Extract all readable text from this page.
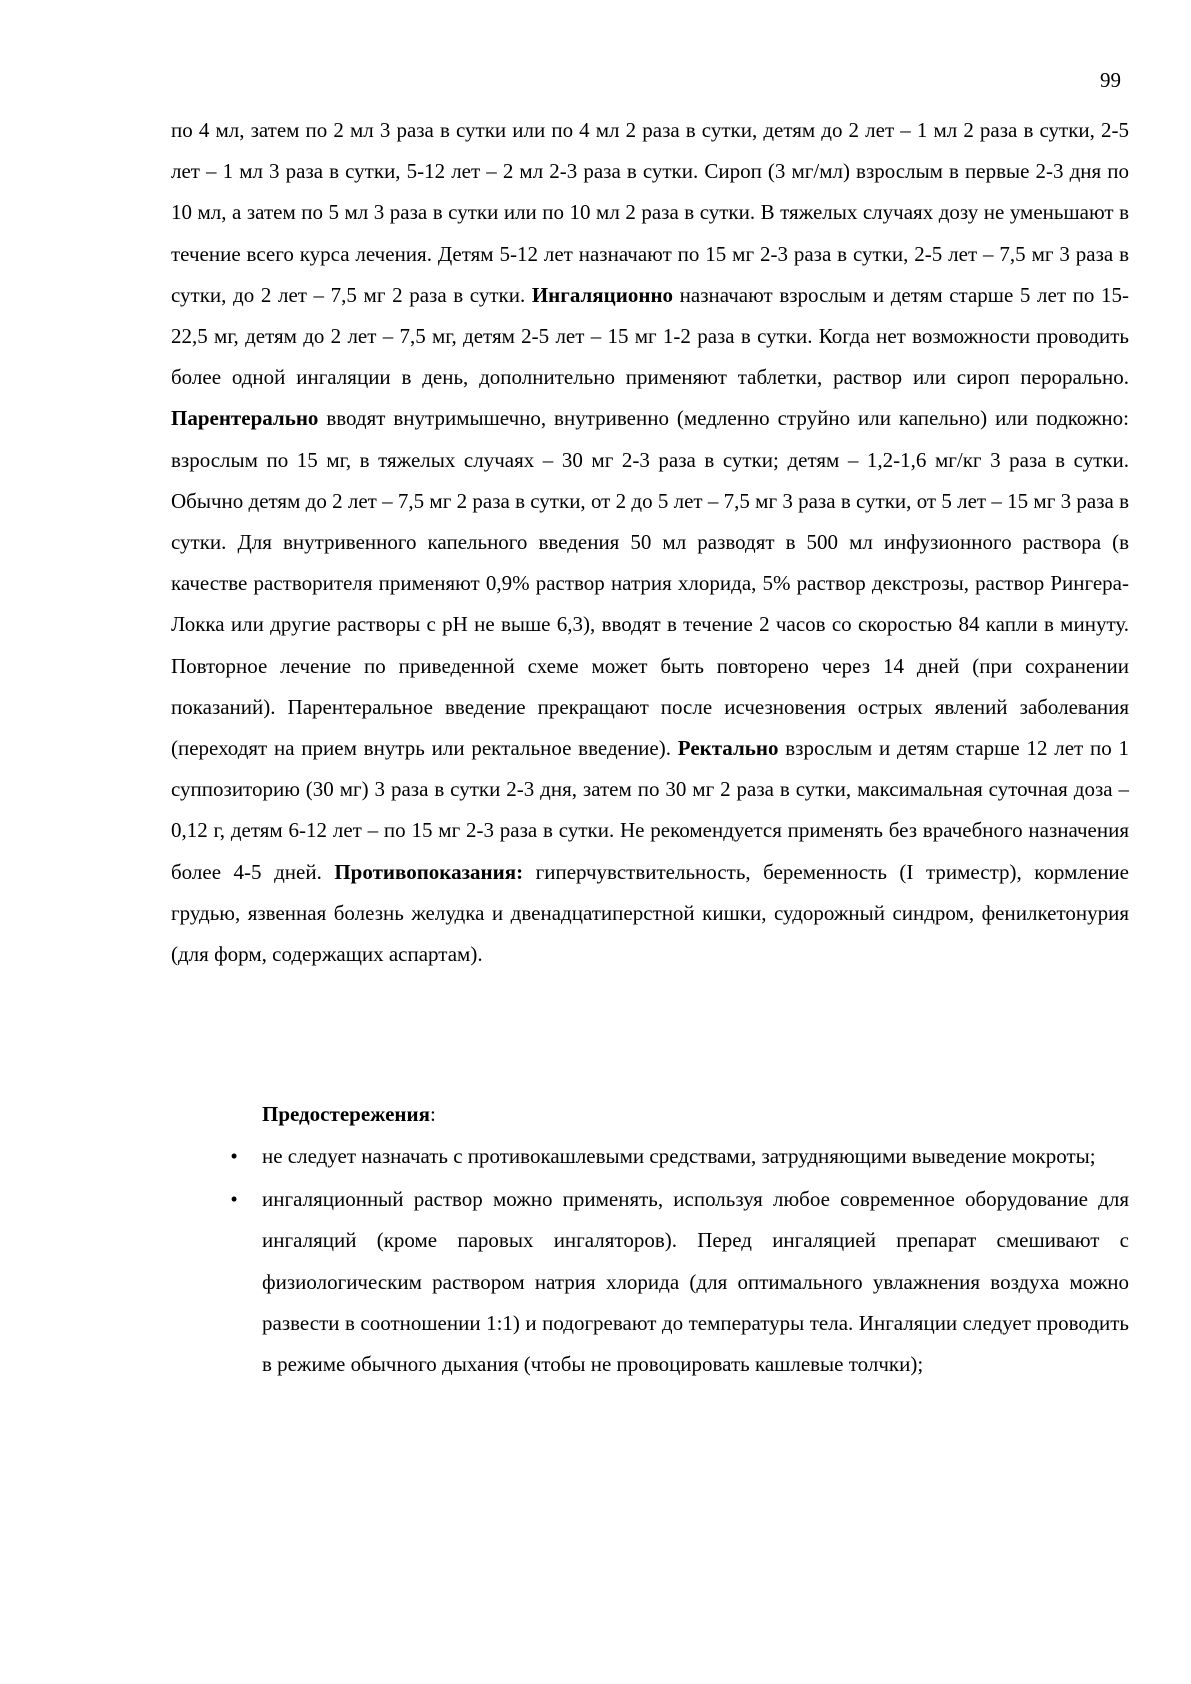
99

по 4 мл, затем по 2 мл 3 раза в сутки или по 4 мл 2 раза в сутки, детям до 2 лет – 1 мл 2 раза в сутки, 2-5 лет – 1 мл 3 раза в сутки, 5-12 лет – 2 мл 2-3 раза в сутки. Сироп (3 мг/мл) взрослым в первые 2-3 дня по 10 мл, а затем по 5 мл 3 раза в сутки или по 10 мл 2 раза в сутки. В тяжелых случаях дозу не уменьшают в течение всего курса лечения. Детям 5-12 лет назначают по 15 мг 2-3 раза в сутки, 2-5 лет – 7,5 мг 3 раза в сутки, до 2 лет – 7,5 мг 2 раза в сутки. Ингаляционно назначают взрослым и детям старше 5 лет по 15-22,5 мг, детям до 2 лет – 7,5 мг, детям 2-5 лет – 15 мг 1-2 раза в сутки. Когда нет возможности проводить более одной ингаляции в день, дополнительно применяют таблетки, раствор или сироп перорально. Парентерально вводят внутримышечно, внутривенно (медленно струйно или капельно) или подкожно: взрослым по 15 мг, в тяжелых случаях – 30 мг 2-3 раза в сутки; детям – 1,2-1,6 мг/кг 3 раза в сутки. Обычно детям до 2 лет – 7,5 мг 2 раза в сутки, от 2 до 5 лет – 7,5 мг 3 раза в сутки, от 5 лет – 15 мг 3 раза в сутки. Для внутривенного капельного введения 50 мл разводят в 500 мл инфузионного раствора (в качестве растворителя применяют 0,9% раствор натрия хлорида, 5% раствор декстрозы, раствор Рингера-Локка или другие растворы с pH не выше 6,3), вводят в течение 2 часов со скоростью 84 капли в минуту. Повторное лечение по приведенной схеме может быть повторено через 14 дней (при сохранении показаний). Парентеральное введение прекращают после исчезновения острых явлений заболевания (переходят на прием внутрь или ректальное введение). Ректально взрослым и детям старше 12 лет по 1 суппозиторию (30 мг) 3 раза в сутки 2-3 дня, затем по 30 мг 2 раза в сутки, максимальная суточная доза – 0,12 г, детям 6-12 лет – по 15 мг 2-3 раза в сутки. Не рекомендуется применять без врачебного назначения более 4-5 дней. Противопоказания: гиперчувствительность, беременность (I триместр), кормление грудью, язвенная болезнь желудка и двенадцатиперстной кишки, судорожный синдром, фенилкетонурия (для форм, содержащих аспартам).

Предостережения:

•	не следует назначать с противокашлевыми средствами, затрудняющими выведение мокроты;
•	ингаляционный раствор можно применять, используя любое современное оборудование для ингаляций (кроме паровых ингаляторов). Перед ингаляцией препарат смешивают с физиологическим раствором натрия хлорида (для оптимального увлажнения воздуха можно развести в соотношении 1:1) и подогревают до температуры тела. Ингаляции следует проводить в режиме обычного дыхания (чтобы не провоцировать кашлевые толчки);
